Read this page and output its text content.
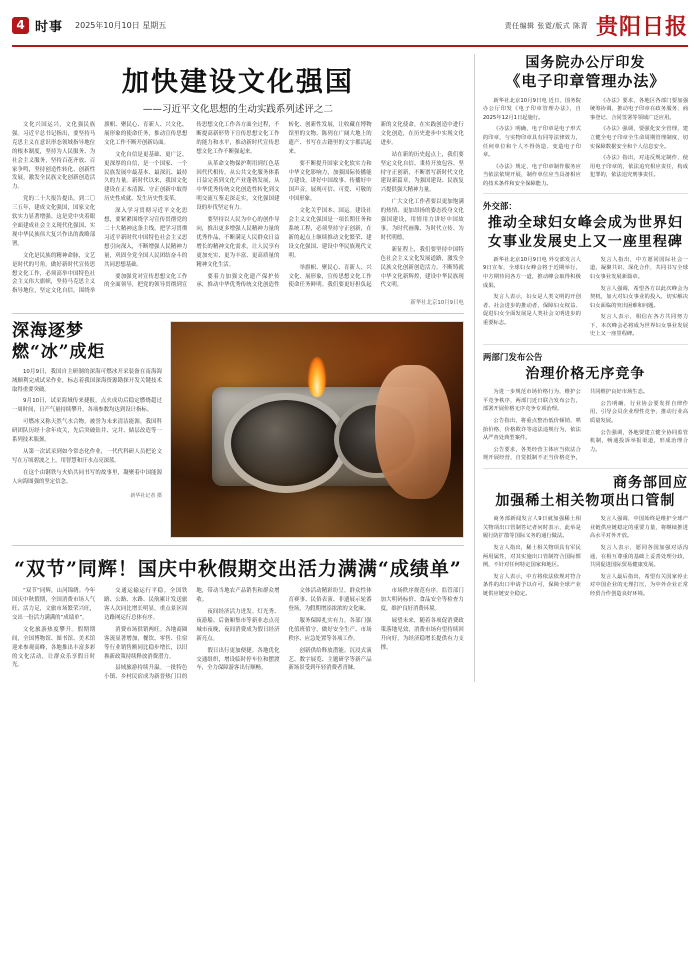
4 时事 2025年10月10日 星期五	责任编辑 张霓/版式 陈青 贵阳日报
加快建设文化强国
——习近平文化思想的生动实践系列述评之二

文化兴国运兴，文化强民族强。习近平总书记指出，要坚持马克思主义在意识形态领域指导地位的根本制度，坚持为人民服务、为社会主义服务，坚持百花齐放、百家争鸣，坚持创造性转化、创新性发展，激发全民族文化创新创造活力。

党的二十大报告提出，到二〇三五年，建成文化强国，国家文化软实力显著增强。这是党中央着眼全面建成社会主义现代化强国、实现中华民族伟大复兴作出的战略部署。

文化是民族的精神命脉，文艺是时代的号角。做好新时代宣传思想文化工作，必须高举中国特色社会主义伟大旗帜，坚持马克思主义指导地位，坚定文化自信，围绕举旗帜、聚民心、育新人、兴文化、展形象的使命任务，推动宣传思想文化工作不断开创新局面。

文化自信是更基础、更广泛、更深厚的自信，是一个国家、一个民族发展中最基本、最深沉、最持久的力量。新时代以来，我国文化建设在正本清源、守正创新中取得历史性成就、发生历史性变革。

深入学习贯彻习近平文化思想，要紧紧围绕学习宣传贯彻党的二十大精神这条主线，把学习贯彻习近平新时代中国特色社会主义思想引向深入，不断增强人民精神力量，巩固全党全国人民团结奋斗的共同思想基础。

要加强党对宣传思想文化工作的全面领导，把党的领导贯彻到宣传思想文化工作各方面全过程，不断提高新形势下宣传思想文化工作的能力和水平，推动新时代宣传思想文化工作不断强起来。

从革命文物保护利用到红色基因代代相传，从公共文化服务体系日益完善到文化产业蓬勃发展，从中华优秀传统文化创造性转化到文明交流互鉴走深走实，文化强国建设的步伐坚定有力。

要坚持以人民为中心的创作导向，推出更多增强人民精神力量的优秀作品，不断满足人民群众日益增长的精神文化需求，让人民享有更加充实、更为丰富、更高质量的精神文化生活。

要着力加强文化遗产保护传承，推动中华优秀传统文化创造性转化、创新性发展，让收藏在博物馆里的文物、陈列在广阔大地上的遗产、书写在古籍里的文字都活起来。

要不断提升国家文化软实力和中华文化影响力，加强国际传播能力建设，讲好中国故事、传播好中国声音，展现可信、可爱、可敬的中国形象。

文化关乎国本、国运。建设社会主义文化强国是一项长期任务和系统工程，必须坚持守正创新，在新的起点上继续推动文化繁荣、建设文化强国、建设中华民族现代文明。

举旗帜、聚民心、育新人、兴文化、展形象，宣传思想文化工作使命任务鲜明。我们要更好担负起新的文化使命，在实践创造中进行文化创造，在历史进步中实现文化进步。

站在新的历史起点上，我们要坚定文化自信、秉持开放包容、坚持守正创新，不断谱写新时代文化建设新篇章，为强国建设、民族复兴提供强大精神力量。

广大文化工作者要以更加饱满的热情、更加昂扬的姿态投身文化强国建设，用情用力讲好中国故事，为时代画像、为时代立传、为时代明德。

新征程上，我们要坚持中国特色社会主义文化发展道路，激发全民族文化创新创造活力，不断铸就中华文化新辉煌，建设中华民族现代文明。

新华社北京10月9日电
深海逐梦
燃“冰”成炬

10月9日，我国自主研制的深海可燃冰开采装备在南海海域顺利完成试采作业，标志着我国深海资源勘探开发关键技术取得重要突破。

9月10日，试采海域传来捷报，点火成功后稳定燃烧超过一周时间，日产气量持续攀升，各项参数均达到设计指标。

可燃冰又称天然气水合物，被誉为未来清洁能源。我国科研团队历经十余年攻关，先后突破钻井、完井、储层改造等一系列技术瓶颈。

从第一次试采到如今常态化作业，一代代科研人员把论文写在万顷碧波之上，用智慧和汗水点亮深蓝。

在这个由钢铁与火焰共同书写的故事里，凝聚着中国能源人向海图强的坚定信念。

新华社记者 摄
“双节”同辉！国庆中秋假期交出活力满满“成绩单”

“双节”同辉，山河锦绣。今年国庆中秋假期，全国消费市场人气旺、活力足，文旅市场繁荣兴旺，交出一份活力满满的“成绩单”。

文化旅游热度攀升。假期期间，全国博物馆、图书馆、美术馆迎来参观高峰，各地推出丰富多彩的文化活动，让群众乐享假日时光。

交通运输运行平稳。全国铁路、公路、水路、民航累计发送旅客人次同比增长明显，重点景区周边路网运行总体有序。

消费市场供销两旺。各地商圈客流显著增加，餐饮、零售、住宿等行业销售额同比稳步增长，以旧换新政策持续释放消费潜力。

县域旅游持续升温。一批特色小镇、乡村民宿成为新晋热门目的地，带动当地农产品销售和群众增收。

夜间经济活力迸发。灯光秀、夜游船、后备厢集市等新业态点亮城市夜晚，夜间消费成为假日经济新亮点。

假日出行更加便捷。各地优化交通组织，增设临时停车位和摆渡车，全力保障游客出行顺畅。

文体活动精彩纷呈。群众性体育赛事、民俗表演、非遗展示轮番登场，为假期增添浓浓的文化味。

服务保障扎实有力。各部门强化值班值守，做好安全生产、市场秩序、应急处置等各项工作。

创新供给释放潜能。沉浸式演艺、数字展览、主题研学等新产品新场景受到年轻消费者青睐。

市场秩序规范有序。监管部门加大明码标价、食品安全等检查力度，维护良好消费环境。

展望未来，随着各项促消费政策落地见效，消费市场有望持续回升向好，为经济稳增长提供有力支撑。

国务院办公厅印发
《电子印章管理办法》

新华社北京10月9日电 近日，国务院办公厅印发《电子印章管理办法》，自2025年12月1日起施行。

《办法》明确，电子印章是电子形式的印章，与实物印章具有同等法律效力，任何单位和个人不得伪造、变造电子印章。

《办法》规定，电子印章制作服务应当依法依规开展，制作单位应当具备相应的技术条件和安全保障能力。

《办法》要求，各地区各部门要加强统筹协调，推动电子印章在政务服务、商事登记、合同签署等领域广泛应用。

《办法》强调，要强化安全管理，建立健全电子印章全生命周期管理制度，切实保障数据安全和个人信息安全。

《办法》指出，对违反规定制作、使用电子印章的，依法追究相应责任，构成犯罪的，依法追究刑事责任。

外交部：
推动全球妇女峰会成为世界妇女事业发展史上又一座里程碑

新华社北京10月9日电 外交部发言人9日宣布，全球妇女峰会将于近期举行，中方期待同各方一道，推动峰会取得积极成果。

发言人表示，妇女是人类文明的开创者、社会进步的推动者，保障妇女权益、促进妇女全面发展是人类社会文明进步的重要标志。

发言人指出，中方愿同国际社会一道，凝聚共识、深化合作，共同书写全球妇女事业发展新篇章。

发言人强调，希望各方以此次峰会为契机，加大对妇女事业的投入，切实解决妇女面临的突出困难和问题。

发言人表示，相信在各方共同努力下，本次峰会必将成为世界妇女事业发展史上又一座里程碑。

两部门发布公告
治理价格无序竞争

为进一步规范市场价格行为，维护公平竞争秩序，两部门近日联合发布公告，部署开展价格无序竞争专项治理。

公告指出，将重点整治低价倾销、哄抬价格、价格欺诈等违法违规行为，依法从严查处典型案件。

公告要求，各类经营主体应当依法合规开展经营，自觉抵制不正当价格竞争，共同维护良好市场生态。

公告明确，行业协会要发挥自律作用，引导会员企业理性竞争，推动行业高质量发展。

公告强调，各地要建立健全协同监管机制，畅通投诉举报渠道，形成治理合力。

商务部回应
加强稀土相关物项出口管制

商务部新闻发言人9日就加强稀土相关物项出口管制答记者问时表示，此举是履行防扩散等国际义务的通行做法。

发言人指出，稀土相关物项具有军民两用属性，对其实施出口管制符合国际惯例，不针对任何特定国家和地区。

发言人表示，中方将依法依规对符合条件的出口申请予以许可，保障全球产业链供应链安全稳定。

发言人强调，中国始终是维护全球产业链供应链稳定的重要力量，将继续推进高水平对外开放。

发言人表示，愿同各国加强对话沟通，在相互尊重的基础上妥善处理分歧，共同促进国际贸易健康发展。

发言人最后指出，希望有关国家停止对中国企业的无理打压，为中外企业正常经贸合作创造良好环境。
